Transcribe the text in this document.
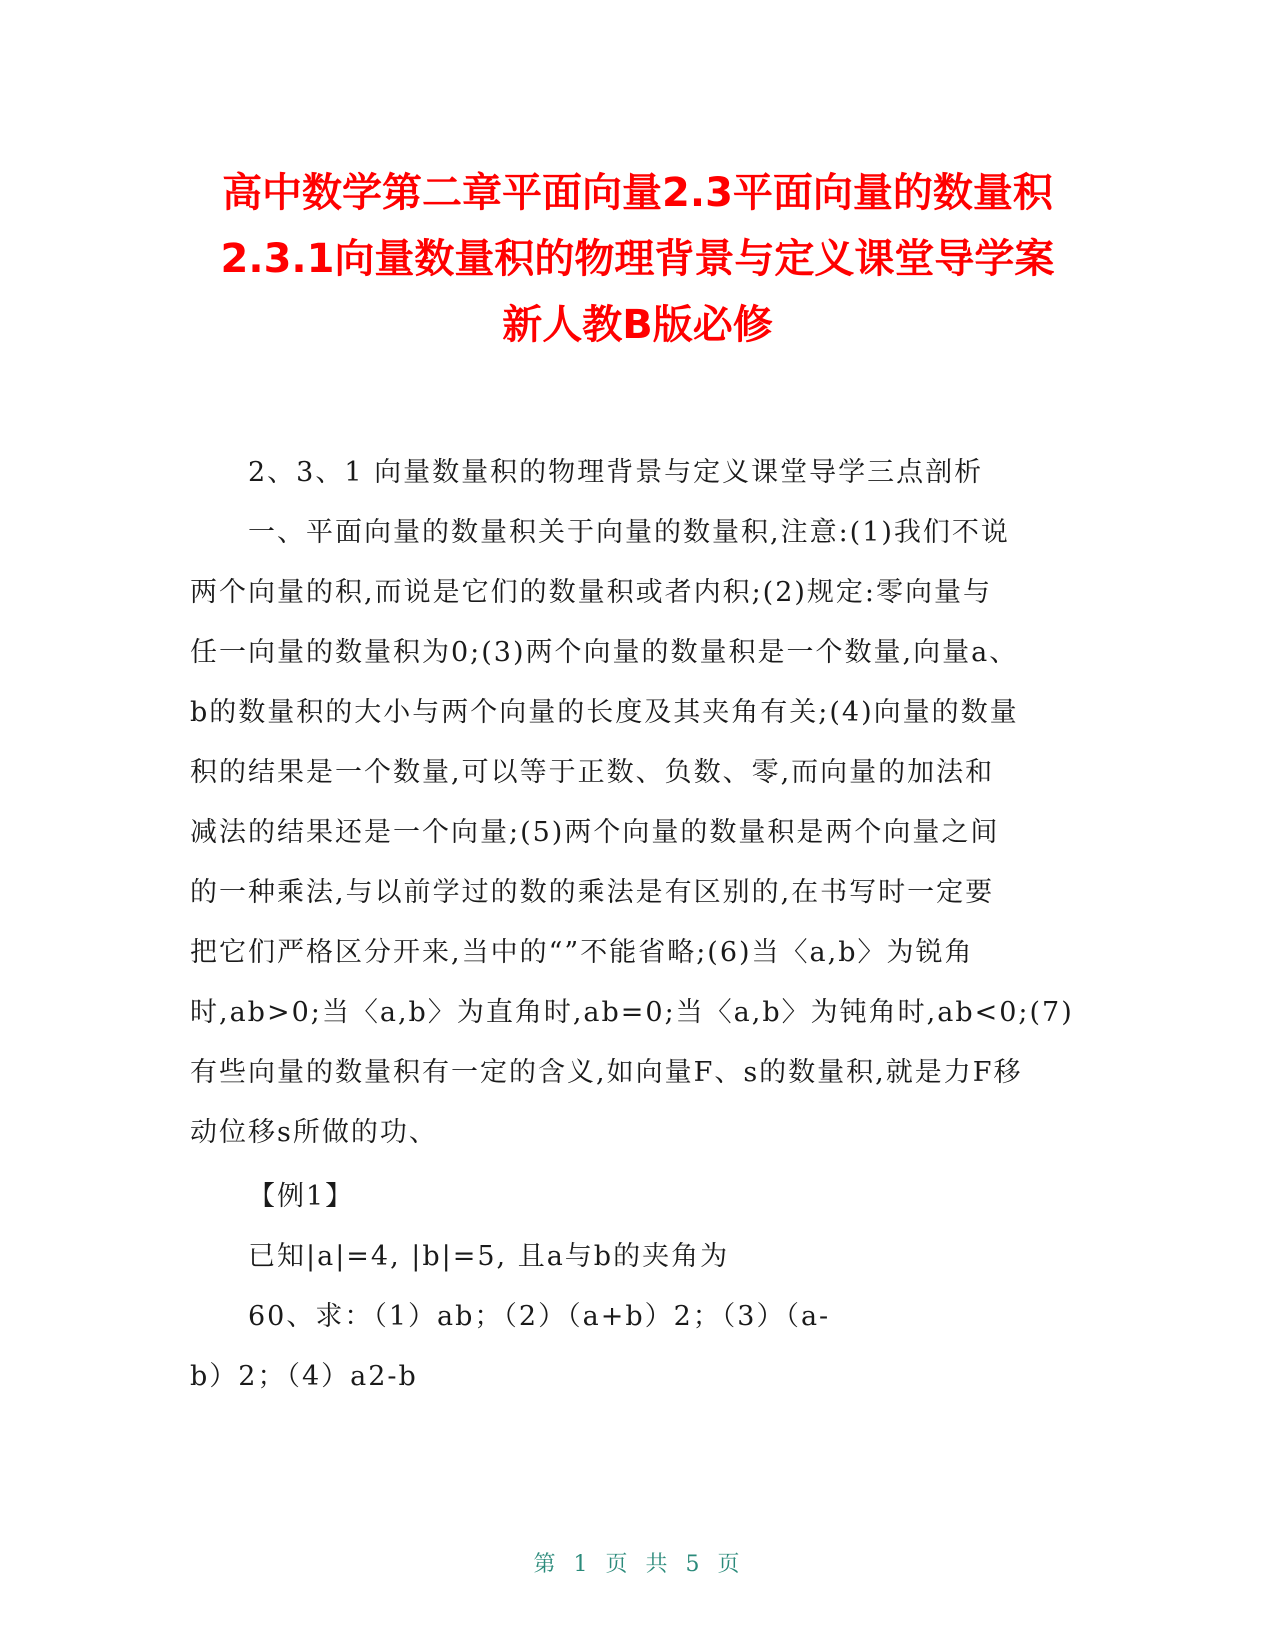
高中数学第二章平面向量2.3平面向量的数量积
2.3.1向量数量积的物理背景与定义课堂导学案
新人教B版必修

2、3、1 向量数量积的物理背景与定义课堂导学三点剖析

一、平面向量的数量积关于向量的数量积,注意:(1)我们不说
两个向量的积,而说是它们的数量积或者内积;(2)规定:零向量与
任一向量的数量积为0;(3)两个向量的数量积是一个数量,向量a、
b的数量积的大小与两个向量的长度及其夹角有关;(4)向量的数量
积的结果是一个数量,可以等于正数、负数、零,而向量的加法和
减法的结果还是一个向量;(5)两个向量的数量积是两个向量之间
的一种乘法,与以前学过的数的乘法是有区别的,在书写时一定要
把它们严格区分开来,当中的“”不能省略;(6)当〈a,b〉为锐角
时,ab>0;当〈a,b〉为直角时,ab=0;当〈a,b〉为钝角时,ab<0;(7)
有些向量的数量积有一定的含义,如向量F、s的数量积,就是力F移
动位移s所做的功、

【例1】

已知|a|=4, |b|=5, 且a与b的夹角为

60、求：（1）ab；（2）（a+b）2；（3）（a-

b）2；（4）a2-b

第 1 页 共 5 页
